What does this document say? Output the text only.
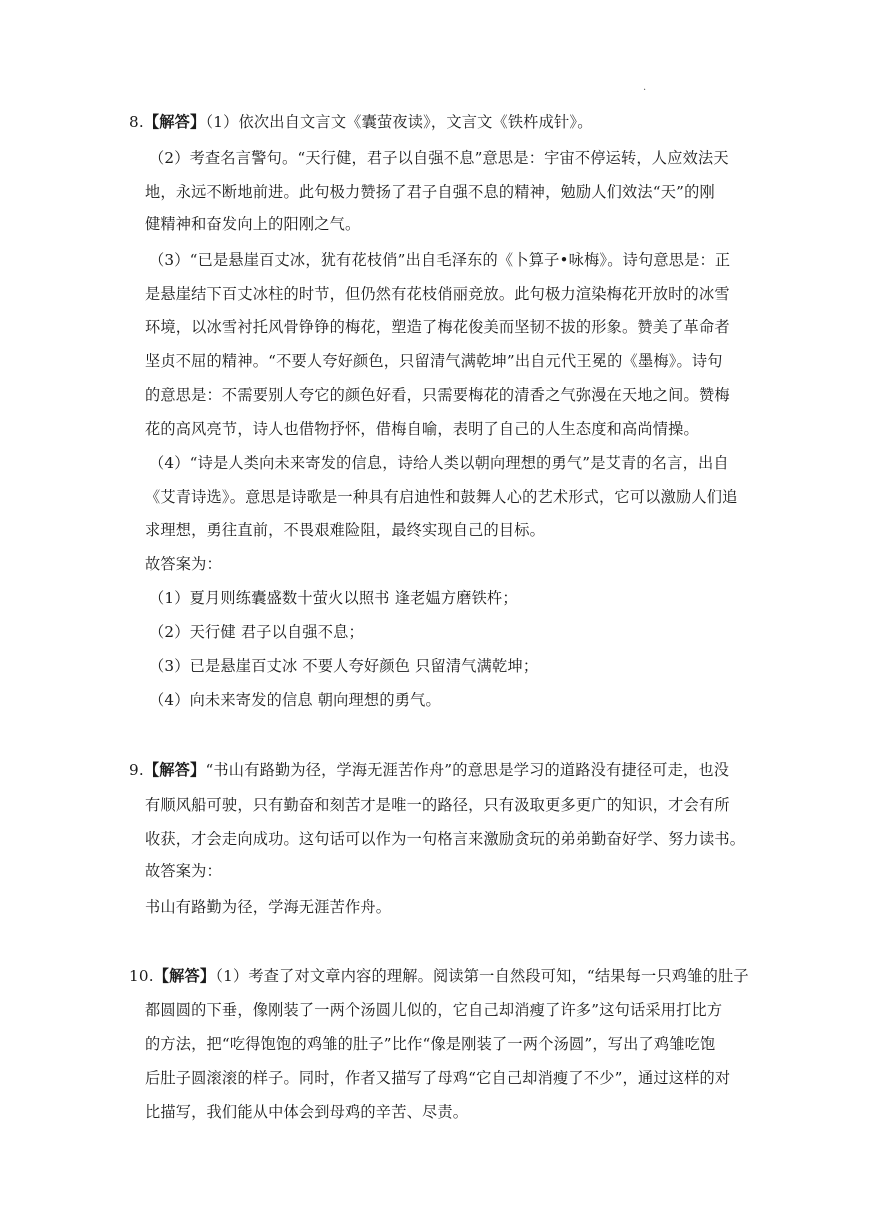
.
8.【解答】（1）依次出自文言文《囊萤夜读》，文言文《铁杵成针》。
（2）考查名言警句。“天行健，君子以自强不息”意思是：宇宙不停运转，人应效法天
地，永远不断地前进。此句极力赞扬了君子自强不息的精神，勉励人们效法“天”的刚
健精神和奋发向上的阳刚之气。
（3）“已是悬崖百丈冰，犹有花枝俏”出自毛泽东的《卜算子•咏梅》。诗句意思是：正
是悬崖结下百丈冰柱的时节，但仍然有花枝俏丽竞放。此句极力渲染梅花开放时的冰雪
环境，以冰雪衬托风骨铮铮的梅花，塑造了梅花俊美而坚韧不拔的形象。赞美了革命者
坚贞不屈的精神。“不要人夸好颜色，只留清气满乾坤”出自元代王冕的《墨梅》。诗句
的意思是：不需要别人夸它的颜色好看，只需要梅花的清香之气弥漫在天地之间。赞梅
花的高风亮节，诗人也借物抒怀，借梅自喻，表明了自己的人生态度和高尚情操。
（4）“诗是人类向未来寄发的信息，诗给人类以朝向理想的勇气”是艾青的名言，出自
《艾青诗选》。意思是诗歌是一种具有启迪性和鼓舞人心的艺术形式，它可以激励人们追
求理想，勇往直前，不畏艰难险阻，最终实现自己的目标。
故答案为：
（1）夏月则练囊盛数十萤火以照书 逢老媪方磨铁杵；
（2）天行健 君子以自强不息；
（3）已是悬崖百丈冰 不要人夸好颜色 只留清气满乾坤；
（4）向未来寄发的信息 朝向理想的勇气。
9.【解答】“书山有路勤为径，学海无涯苦作舟”的意思是学习的道路没有捷径可走，也没
有顺风船可驶，只有勤奋和刻苦才是唯一的路径，只有汲取更多更广的知识，才会有所
收获，才会走向成功。这句话可以作为一句格言来激励贪玩的弟弟勤奋好学、努力读书。
故答案为：
书山有路勤为径，学海无涯苦作舟。
10.【解答】（1）考查了对文章内容的理解。阅读第一自然段可知，“结果每一只鸡雏的肚子
都圆圆的下垂，像刚装了一两个汤圆儿似的，它自己却消瘦了许多”这句话采用打比方
的方法，把“吃得饱饱的鸡雏的肚子”比作“像是刚装了一两个汤圆”，写出了鸡雏吃饱
后肚子圆滚滚的样子。同时，作者又描写了母鸡“它自己却消瘦了不少”，通过这样的对
比描写，我们能从中体会到母鸡的辛苦、尽责。
